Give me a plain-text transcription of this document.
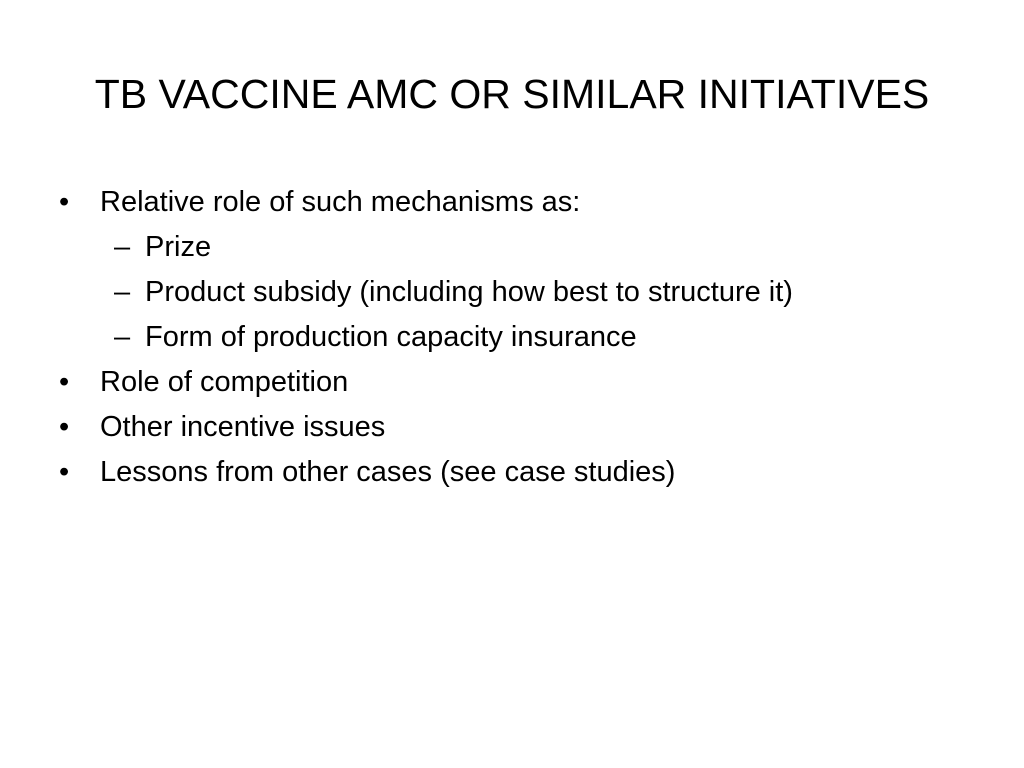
TB VACCINE AMC OR SIMILAR INITIATIVES
• Relative role of such mechanisms as:
– Prize
– Product subsidy (including how best to structure it)
– Form of production capacity insurance
• Role of competition
• Other incentive issues
• Lessons from other cases (see case studies)
